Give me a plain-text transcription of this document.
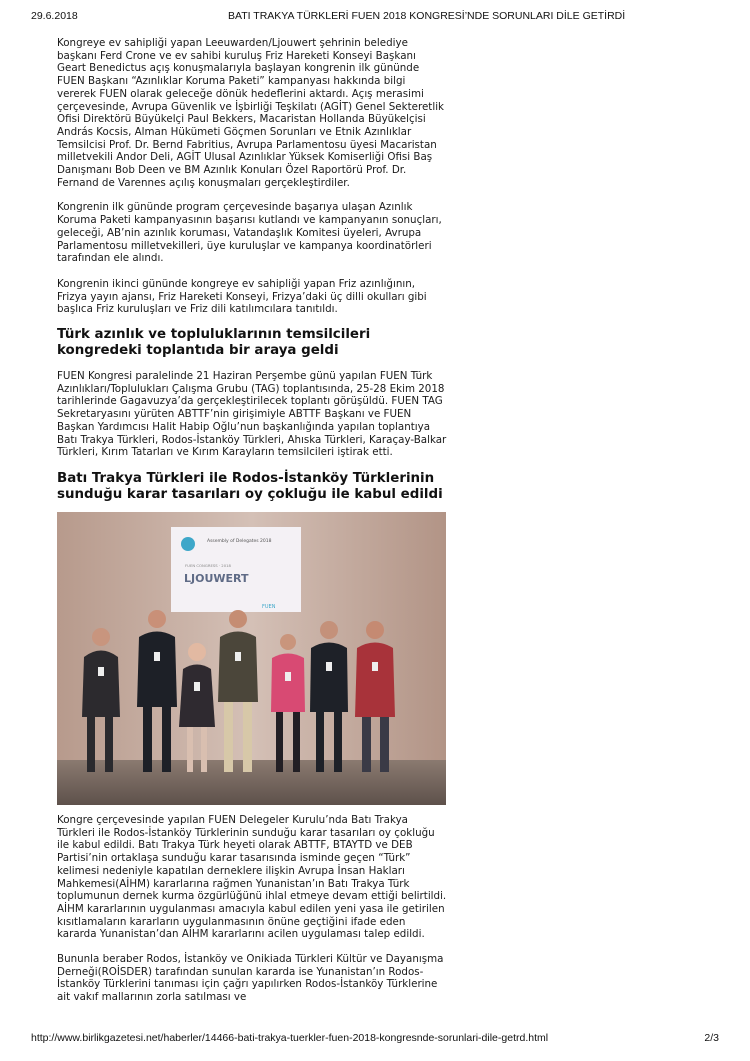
29.6.2018	BATI TRAKYA TÜRKLERİ FUEN 2018 KONGRESİ’NDE SORUNLARI DİLE GETİRDİ

Kongreye ev sahipliği yapan Leeuwarden/Ljouwert şehrinin belediye başkanı Ferd Crone ve ev sahibi kuruluş Friz Hareketi Konseyi Başkanı Geart Benedictus açış konuşmalarıyla başlayan kongrenin ilk gününde FUEN Başkanı “Azınlıklar Koruma Paketi” kampanyası hakkında bilgi vererek FUEN olarak geleceğe dönük hedeflerini aktardı. Açış merasimi çerçevesinde, Avrupa Güvenlik ve İşbirliği Teşkilatı (AGİT) Genel Sekteretlik Ofisi Direktörü Büyükelçi Paul Bekkers, Macaristan Hollanda Büyükelçisi András Kocsis, Alman Hükümeti Göçmen Sorunları ve Etnik Azınlıklar Temsilcisi Prof. Dr. Bernd Fabritius, Avrupa Parlamentosu üyesi Macaristan milletvekili Andor Deli, AGİT Ulusal Azınlıklar Yüksek Komiserliği Ofisi Baş Danışmanı Bob Deen ve BM Azınlık Konuları Özel Raportörü Prof. Dr. Fernand de Varennes açılış konuşmaları gerçekleştirdiler.

Kongrenin ilk gününde program çerçevesinde başarıya ulaşan Azınlık Koruma Paketi kampanyasının başarısı kutlandı ve kampanyanın sonuçları, geleceği, AB’nin azınlık koruması, Vatandaşlık Komitesi üyeleri, Avrupa Parlamentosu milletvekilleri, üye kuruluşlar ve kampanya koordinatörleri tarafından ele alındı.

Kongrenin ikinci gününde kongreye ev sahipliği yapan Friz azınlığının, Frizya yayın ajansı, Friz Hareketi Konseyi, Frizya’daki üç dilli okulları gibi başlıca Friz kuruluşları ve Friz dili katılımcılara tanıtıldı.

Türk azınlık ve topluluklarının temsilcileri kongredeki toplantıda bir araya geldi

FUEN Kongresi paralelinde 21 Haziran Perşembe günü yapılan FUEN Türk Azınlıkları/Toplulukları Çalışma Grubu (TAG) toplantısında, 25-28 Ekim 2018 tarihlerinde Gagavuzya’da gerçekleştirilecek toplantı görüşüldü. FUEN TAG Sekretaryasını yürüten ABTTF’nin girişimiyle ABTTF Başkanı ve FUEN Başkan Yardımcısı Halit Habip Oğlu’nun başkanlığında yapılan toplantıya Batı Trakya Türkleri, Rodos-İstanköy Türkleri, Ahıska Türkleri, Karaçay-Balkar Türkleri, Kırım Tatarları ve Kırım Karayların temsilcileri iştirak etti.

Batı Trakya Türkleri ile Rodos-İstanköy Türklerinin sunduğu karar tasarıları oy çokluğu ile kabul edildi
Assembly of Delegates 2018
FUEN CONGRESS · 2018
LJOUWERT
FUEN

Kongre çerçevesinde yapılan FUEN Delegeler Kurulu’nda Batı Trakya Türkleri ile Rodos-İstanköy Türklerinin sunduğu karar tasarıları oy çokluğu ile kabul edildi. Batı Trakya Türk heyeti olarak ABTTF, BTAYTD ve DEB Partisi’nin ortaklaşa sunduğu karar tasarısında isminde geçen “Türk” kelimesi nedeniyle kapatılan derneklere ilişkin Avrupa İnsan Hakları Mahkemesi(AİHM) kararlarına rağmen Yunanistan’ın Batı Trakya Türk toplumunun dernek kurma özgürlüğünü ihlal etmeye devam ettiği belirtildi. AİHM kararlarının uygulanması amacıyla kabul edilen yeni yasa ile getirilen kısıtlamaların kararların uygulanmasının önüne geçtiğini ifade eden kararda Yunanistan’dan AİHM kararlarını acilen uygulaması talep edildi.

Bununla beraber Rodos, İstanköy ve Onikiada Türkleri Kültür ve Dayanışma Derneği(ROİSDER) tarafından sunulan kararda ise Yunanistan’ın Rodos-İstanköy Türklerini tanıması için çağrı yapılırken Rodos-İstanköy Türklerine ait vakıf mallarının zorla satılması ve

http://www.birlikgazetesi.net/haberler/14466-bati-trakya-tuerkler-fuen-2018-kongresnde-sorunlari-dile-getrd.html	2/3
